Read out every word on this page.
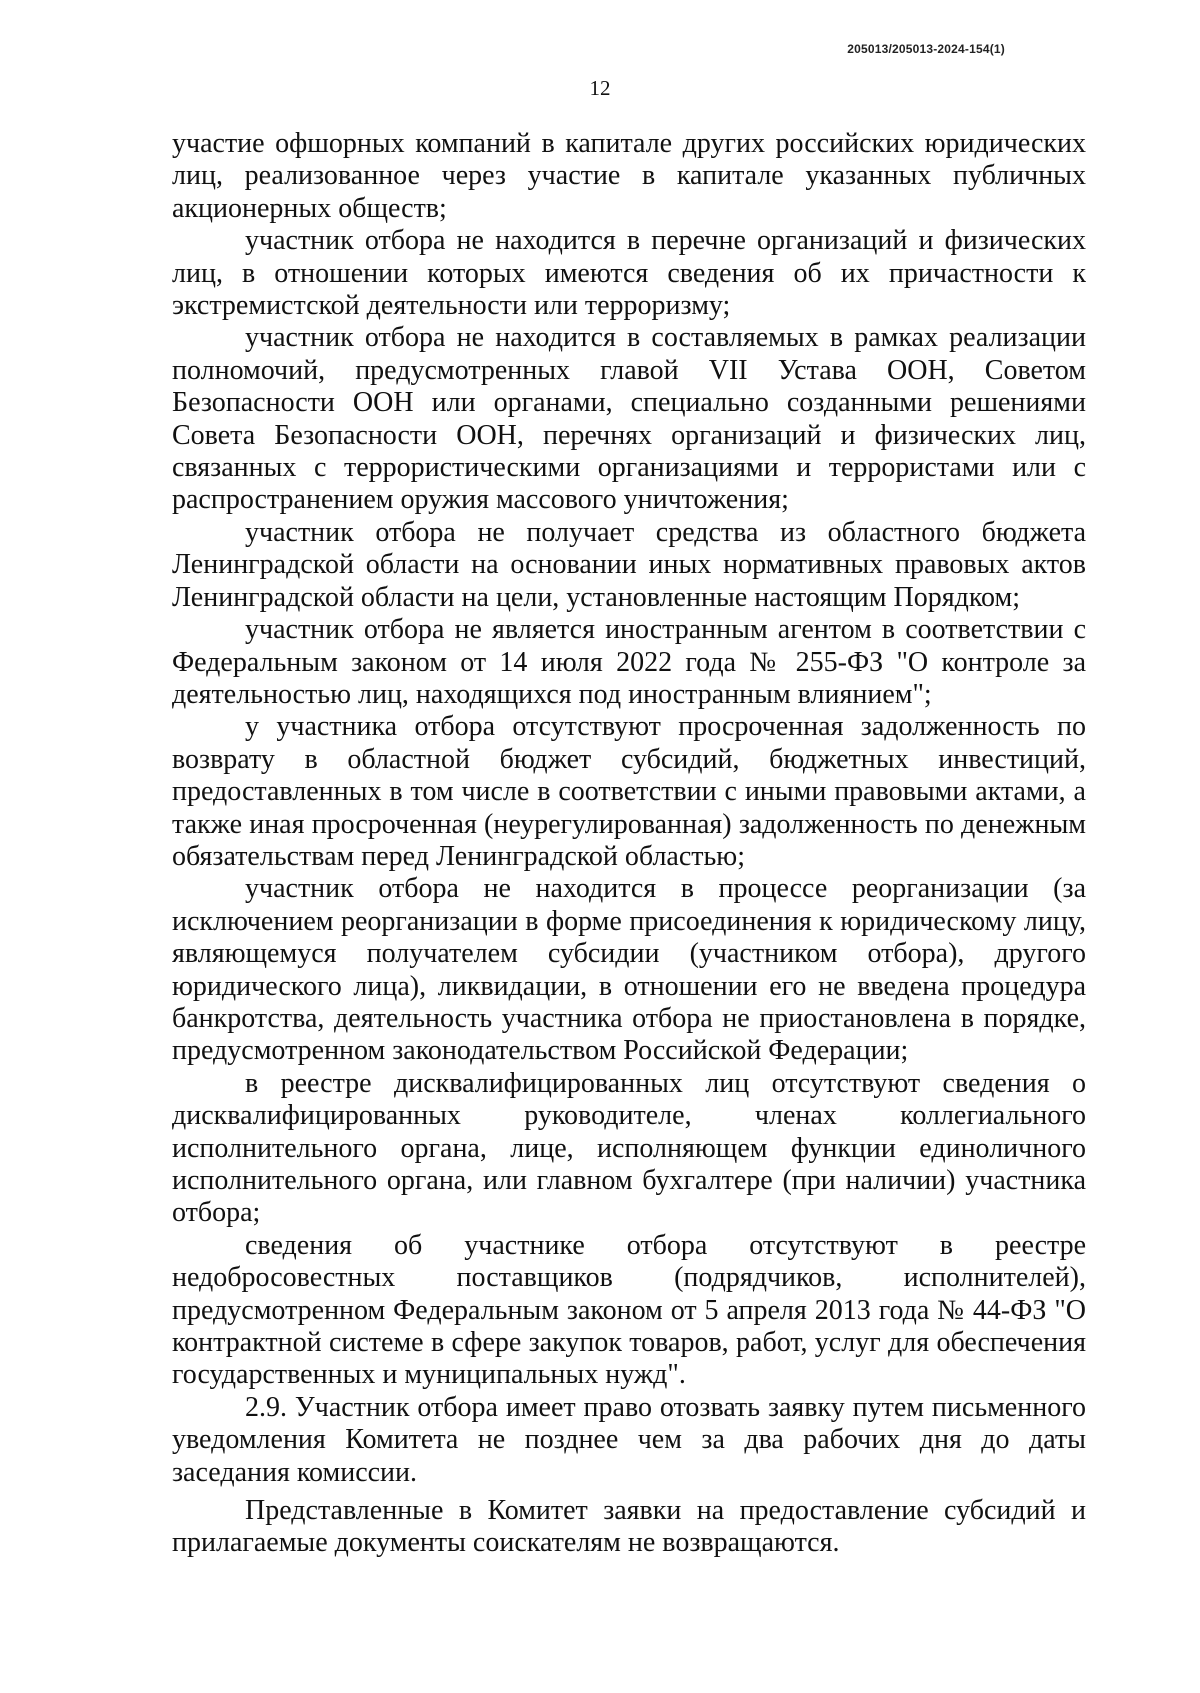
205013/205013-2024-154(1)
12

участие офшорных компаний в капитале других российских юридических лиц, реализованное через участие в капитале указанных публичных акционерных обществ;

участник отбора не находится в перечне организаций и физических лиц, в отношении которых имеются сведения об их причастности к экстремистской деятельности или терроризму;

участник отбора не находится в составляемых в рамках реализации полномочий, предусмотренных главой VII Устава ООН, Советом Безопасности ООН или органами, специально созданными решениями Совета Безопасности ООН, перечнях организаций и физических лиц, связанных с террористическими организациями и террористами или с распространением оружия массового уничтожения;

участник отбора не получает средства из областного бюджета Ленинградской области на основании иных нормативных правовых актов Ленинградской области на цели, установленные настоящим Порядком;

участник отбора не является иностранным агентом в соответствии с Федеральным законом от 14 июля 2022 года № 255-ФЗ "О контроле за деятельностью лиц, находящихся под иностранным влиянием";

у участника отбора отсутствуют просроченная задолженность по возврату в областной бюджет субсидий, бюджетных инвестиций, предоставленных в том числе в соответствии с иными правовыми актами, а также иная просроченная (неурегулированная) задолженность по денежным обязательствам перед Ленинградской областью;

участник отбора не находится в процессе реорганизации (за исключением реорганизации в форме присоединения к юридическому лицу, являющемуся получателем субсидии (участником отбора), другого юридического лица), ликвидации, в отношении его не введена процедура банкротства, деятельность участника отбора не приостановлена в порядке, предусмотренном законодательством Российской Федерации;

в реестре дисквалифицированных лиц отсутствуют сведения о дисквалифицированных руководителе, членах коллегиального исполнительного органа, лице, исполняющем функции единоличного исполнительного органа, или главном бухгалтере (при наличии) участника отбора;

сведения об участнике отбора отсутствуют в реестре недобросовестных поставщиков (подрядчиков, исполнителей), предусмотренном Федеральным законом от 5 апреля 2013 года № 44-ФЗ "О контрактной системе в сфере закупок товаров, работ, услуг для обеспечения государственных и муниципальных нужд".

2.9. Участник отбора имеет право отозвать заявку путем письменного уведомления Комитета не позднее чем за два рабочих дня до даты заседания комиссии.

Представленные в Комитет заявки на предоставление субсидий и прилагаемые документы соискателям не возвращаются.
